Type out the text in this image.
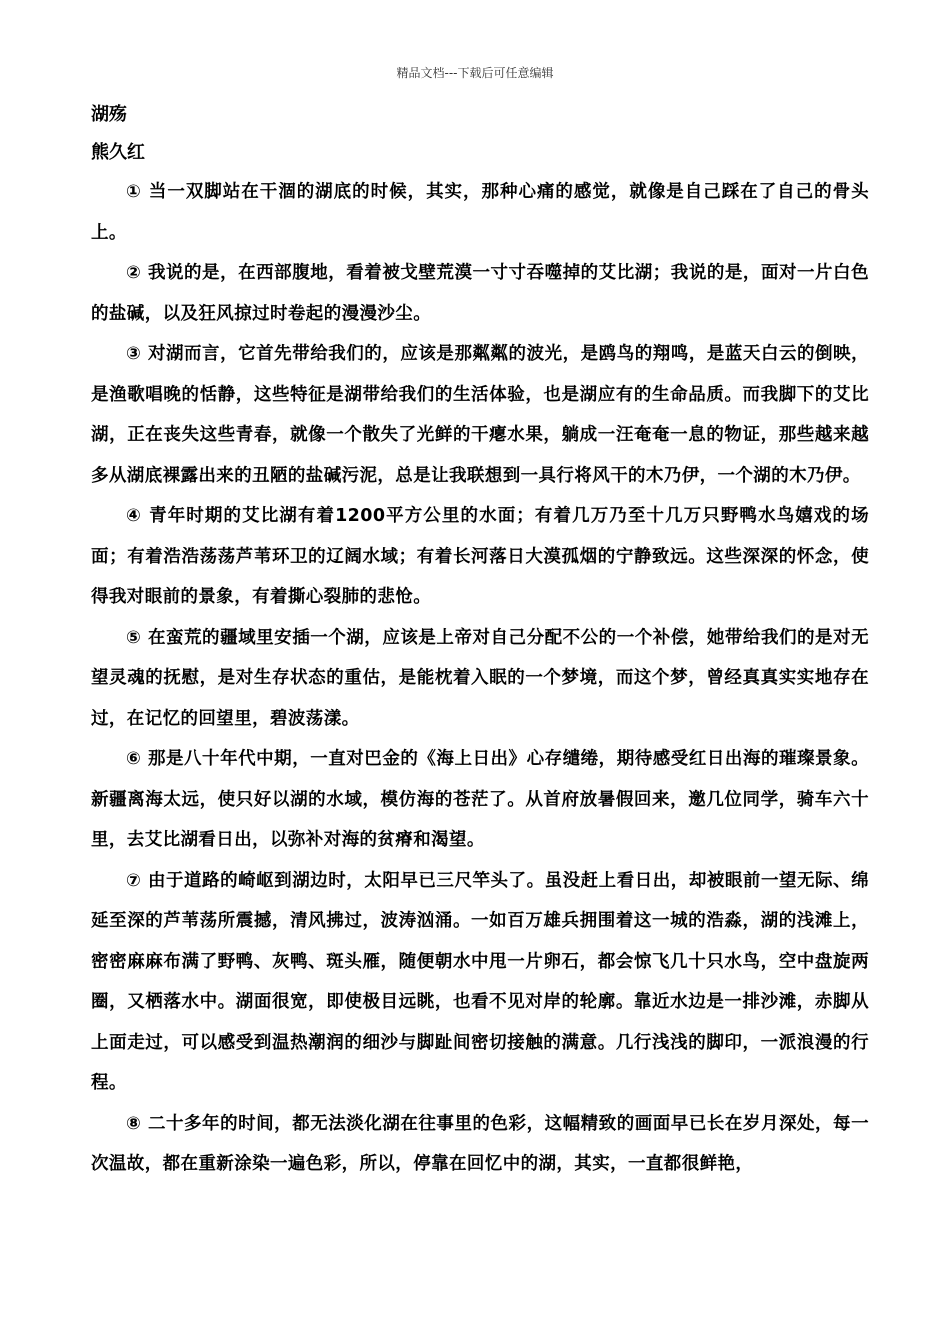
精品文档---下载后可任意编辑
湖殇
熊久红
① 当一双脚站在干涸的湖底的时候，其实，那种心痛的感觉，就像是自己踩在了自己的骨头上。
② 我说的是，在西部腹地，看着被戈壁荒漠一寸寸吞噬掉的艾比湖；我说的是，面对一片白色的盐碱，以及狂风掠过时卷起的漫漫沙尘。
③ 对湖而言，它首先带给我们的，应该是那粼粼的波光，是鸥鸟的翔鸣，是蓝天白云的倒映，是渔歌唱晚的恬静，这些特征是湖带给我们的生活体验，也是湖应有的生命品质。而我脚下的艾比湖，正在丧失这些青春，就像一个散失了光鲜的干瘪水果，躺成一汪奄奄一息的物证，那些越来越多从湖底裸露出来的丑陋的盐碱污泥，总是让我联想到一具行将风干的木乃伊，一个湖的木乃伊。
④ 青年时期的艾比湖有着1200平方公里的水面；有着几万乃至十几万只野鸭水鸟嬉戏的场面；有着浩浩荡荡芦苇环卫的辽阔水域；有着长河落日大漠孤烟的宁静致远。这些深深的怀念，使得我对眼前的景象，有着撕心裂肺的悲怆。
⑤ 在蛮荒的疆域里安插一个湖，应该是上帝对自己分配不公的一个补偿，她带给我们的是对无望灵魂的抚慰，是对生存状态的重估，是能枕着入眠的一个梦境，而这个梦，曾经真真实实地存在过，在记忆的回望里，碧波荡漾。
⑥ 那是八十年代中期，一直对巴金的《海上日出》心存缱绻，期待感受红日出海的璀璨景象。新疆离海太远，使只好以湖的水域，模仿海的苍茫了。从首府放暑假回来，邀几位同学，骑车六十里，去艾比湖看日出，以弥补对海的贫瘠和渴望。
⑦ 由于道路的崎岖到湖边时，太阳早已三尺竿头了。虽没赶上看日出，却被眼前一望无际、绵延至深的芦苇荡所震撼，清风拂过，波涛汹涌。一如百万雄兵拥围着这一城的浩淼，湖的浅滩上，密密麻麻布满了野鸭、灰鸭、斑头雁，随便朝水中甩一片卵石，都会惊飞几十只水鸟，空中盘旋两圈，又栖落水中。湖面很宽，即使极目远眺，也看不见对岸的轮廓。靠近水边是一排沙滩，赤脚从上面走过，可以感受到温热潮润的细沙与脚趾间密切接触的满意。几行浅浅的脚印，一派浪漫的行程。
⑧ 二十多年的时间，都无法淡化湖在往事里的色彩，这幅精致的画面早已长在岁月深处，每一次温故，都在重新涂染一遍色彩，所以，停靠在回忆中的湖，其实，一直都很鲜艳，
